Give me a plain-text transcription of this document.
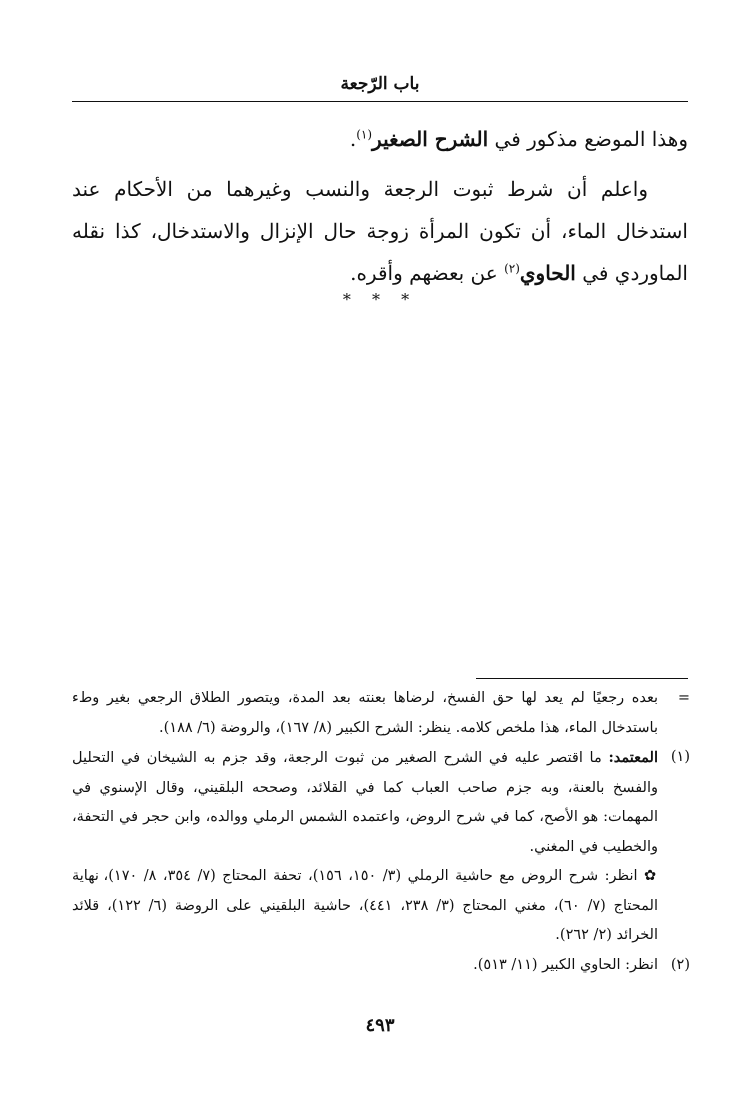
باب الرّجعة

وهذا الموضع مذكور في الشرح الصغير$^{(١)}$.

واعلم أن شرط ثبوت الرجعة والنسب وغيرهما من الأحكام عند استدخال الماء، أن تكون المرأة زوجة حال الإنزال والاستدخال، كذا نقله الماوردي في الحاوي$^{(٢)}$ عن بعضهم وأقره.

* * *
=
بعده رجعيًا لم يعد لها حق الفسخ، لرضاها بعنته بعد المدة، ويتصور الطلاق الرجعي بغير وطء باستدخال الماء، هذا ملخص كلامه. ينظر: الشرح الكبير (٨/ ١٦٧)، والروضة (٦/ ١٨٨).
(١)

المعتمد: ما اقتصر عليه في الشرح الصغير من ثبوت الرجعة، وقد جزم به الشيخان في التحليل والفسخ بالعنة، وبه جزم صاحب العباب كما في القلائد، وصححه البلقيني، وقال الإسنوي في المهمات: هو الأصح، كما في شرح الروض، واعتمده الشمس الرملي ووالده، وابن حجر في التحفة، والخطيب في المغني.

✿ انظر: شرح الروض مع حاشية الرملي (٣/ ١٥٠، ١٥٦)، تحفة المحتاج (٧/ ٣٥٤، ٨/ ١٧٠)، نهاية المحتاج (٧/ ٦٠)، مغني المحتاج (٣/ ٢٣٨، ٤٤١)، حاشية البلقيني على الروضة (٦/ ١٢٢)، قلائد الخرائد (٢/ ٢٦٢).

(٢)
انظر: الحاوي الكبير (١١/ ٥١٣).
٤٩٣
